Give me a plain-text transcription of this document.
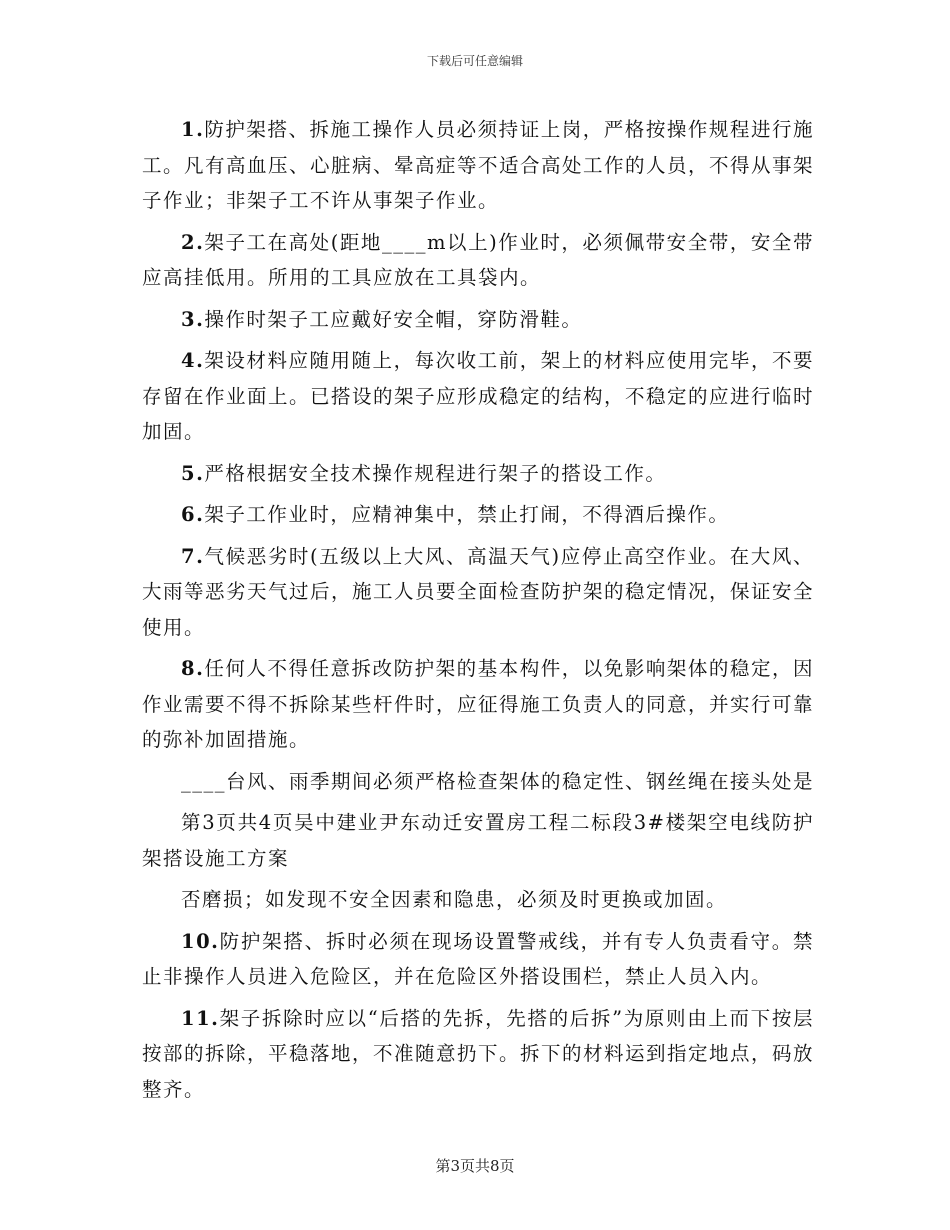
下载后可任意编辑

1.防护架搭、拆施工操作人员必须持证上岗，严格按操作规程进行施工。凡有高血压、心脏病、晕高症等不适合高处工作的人员，不得从事架子作业；非架子工不许从事架子作业。

2.架子工在高处(距地____m以上)作业时，必须佩带安全带，安全带应高挂低用。所用的工具应放在工具袋内。

3.操作时架子工应戴好安全帽，穿防滑鞋。

4.架设材料应随用随上，每次收工前，架上的材料应使用完毕，不要存留在作业面上。已搭设的架子应形成稳定的结构，不稳定的应进行临时加固。

5.严格根据安全技术操作规程进行架子的搭设工作。

6.架子工作业时，应精神集中，禁止打闹，不得酒后操作。

7.气候恶劣时(五级以上大风、高温天气)应停止高空作业。在大风、大雨等恶劣天气过后，施工人员要全面检查防护架的稳定情况，保证安全使用。

8.任何人不得任意拆改防护架的基本构件，以免影响架体的稳定，因作业需要不得不拆除某些杆件时，应征得施工负责人的同意，并实行可靠的弥补加固措施。

____台风、雨季期间必须严格检查架体的稳定性、钢丝绳在接头处是

第3页共4页吴中建业尹东动迁安置房工程二标段3#楼架空电线防护架搭设施工方案

否磨损；如发现不安全因素和隐患，必须及时更换或加固。

10.防护架搭、拆时必须在现场设置警戒线，并有专人负责看守。禁止非操作人员进入危险区，并在危险区外搭设围栏，禁止人员入内。

11.架子拆除时应以“后搭的先拆，先搭的后拆”为原则由上而下按层按部的拆除，平稳落地，不准随意扔下。拆下的材料运到指定地点，码放整齐。

第3页共8页
